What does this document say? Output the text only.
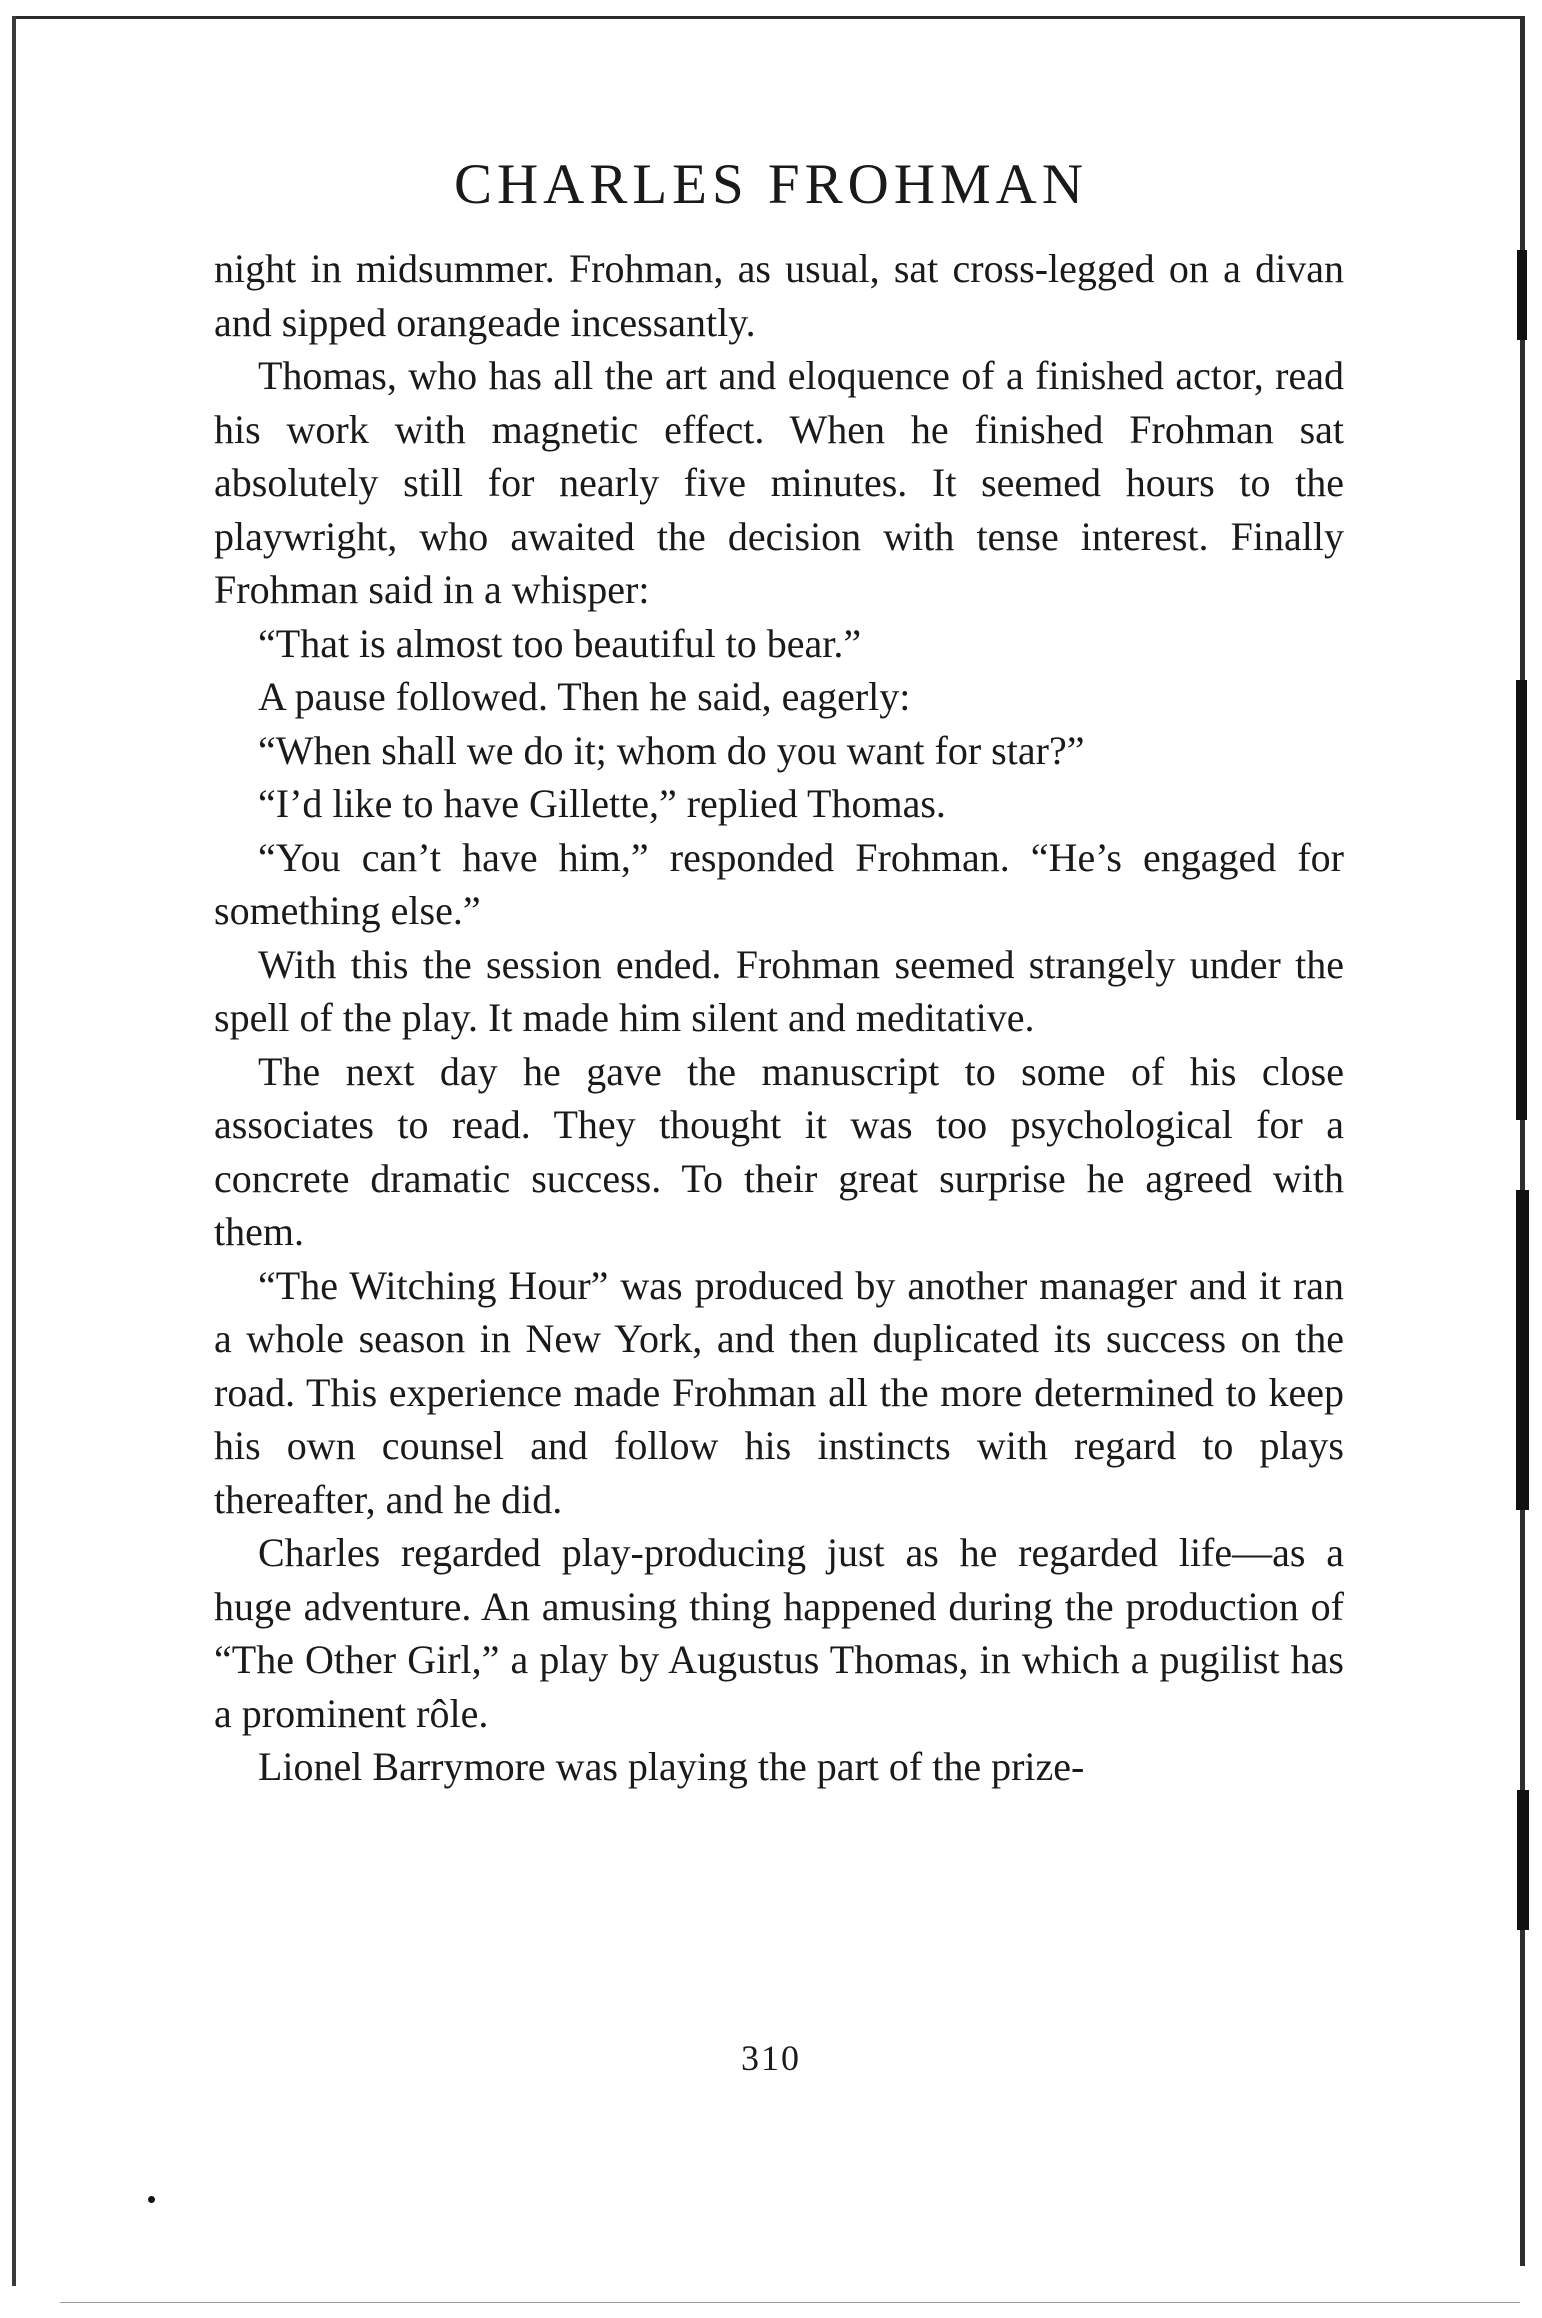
CHARLES FROHMAN

night in midsummer. Frohman, as usual, sat cross-legged on a divan and sipped orangeade incessantly.

Thomas, who has all the art and eloquence of a finished actor, read his work with magnetic effect. When he finished Frohman sat absolutely still for nearly five minutes. It seemed hours to the playwright, who awaited the decision with tense interest. Finally Frohman said in a whisper:

“That is almost too beautiful to bear.”

A pause followed. Then he said, eagerly:

“When shall we do it; whom do you want for star?”

“I’d like to have Gillette,” replied Thomas.

“You can’t have him,” responded Frohman. “He’s engaged for something else.”

With this the session ended. Frohman seemed strangely under the spell of the play. It made him silent and meditative.

The next day he gave the manuscript to some of his close associates to read. They thought it was too psychological for a concrete dramatic success. To their great surprise he agreed with them.

“The Witching Hour” was produced by another manager and it ran a whole season in New York, and then duplicated its success on the road. This experience made Frohman all the more determined to keep his own counsel and follow his instincts with regard to plays thereafter, and he did.

Charles regarded play-producing just as he regarded life—as a huge adventure. An amusing thing happened during the production of “The Other Girl,” a play by Augustus Thomas, in which a pugilist has a prominent rôle.

Lionel Barrymore was playing the part of the prize-

310
